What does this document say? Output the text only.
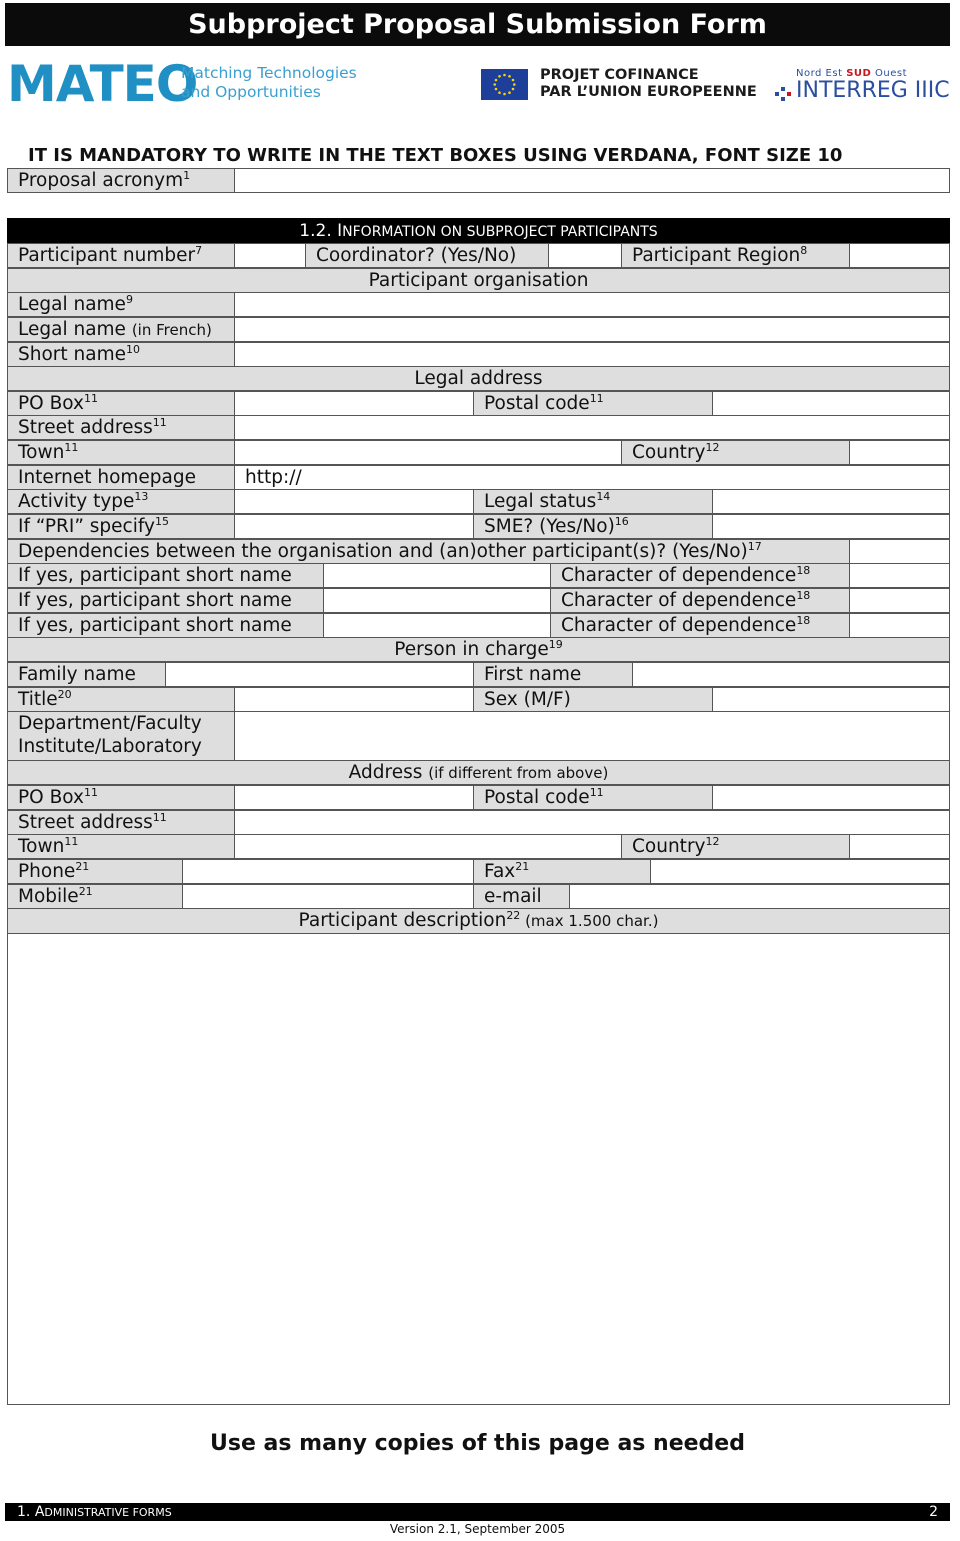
Subproject Proposal Submission Form
MATEO
Matching Technologies
and Opportunities
PROJET COFINANCE
PAR L’UNION EUROPEENNE
Nord Est SUD Ouest
INTERREG IIIC
IT IS MANDATORY TO WRITE IN THE TEXT BOXES USING VERDANA, FONT SIZE 10
Proposal acronym$^1$
1.2. INFORMATION ON SUBPROJECT PARTICIPANTS
Participant number$^7$	Coordinator? (Yes/No)	Participant Region$^8$
Participant organisation
Legal name$^9$
Legal name (in French)
Short name$^{10}$
Legal address
PO Box$^{11}$	Postal code$^{11}$
Street address$^{11}$
Town$^{11}$	Country$^{12}$
Internet homepage	http://
Activity type$^{13}$	Legal status$^{14}$
If “PRI” specify$^{15}$	SME? $(Yes/No)^{16}$
Dependencies between the organisation and (an)other participant(s)? $(Yes/No)^{17}$
If yes, participant short name	Character of dependence$^{18}$
If yes, participant short name	Character of dependence$^{18}$
If yes, participant short name	Character of dependence$^{18}$
Person in charge$^{19}$
Family name	First name
Title$^{20}$	Sex (M/F)
Department/Faculty
Institute/Laboratory
Address (if different from above)
PO Box$^{11}$	Postal code$^{11}$
Street address$^{11}$
Town$^{11}$	Country$^{12}$
Phone$^{21}$	Fax$^{21}$
Mobile$^{21}$	e-mail
Participant description$^{22}$ (max 1.500 char.)
Use as many copies of this page as needed
1. ADMINISTRATIVE FORMS	2
Version 2.1, September 2005
